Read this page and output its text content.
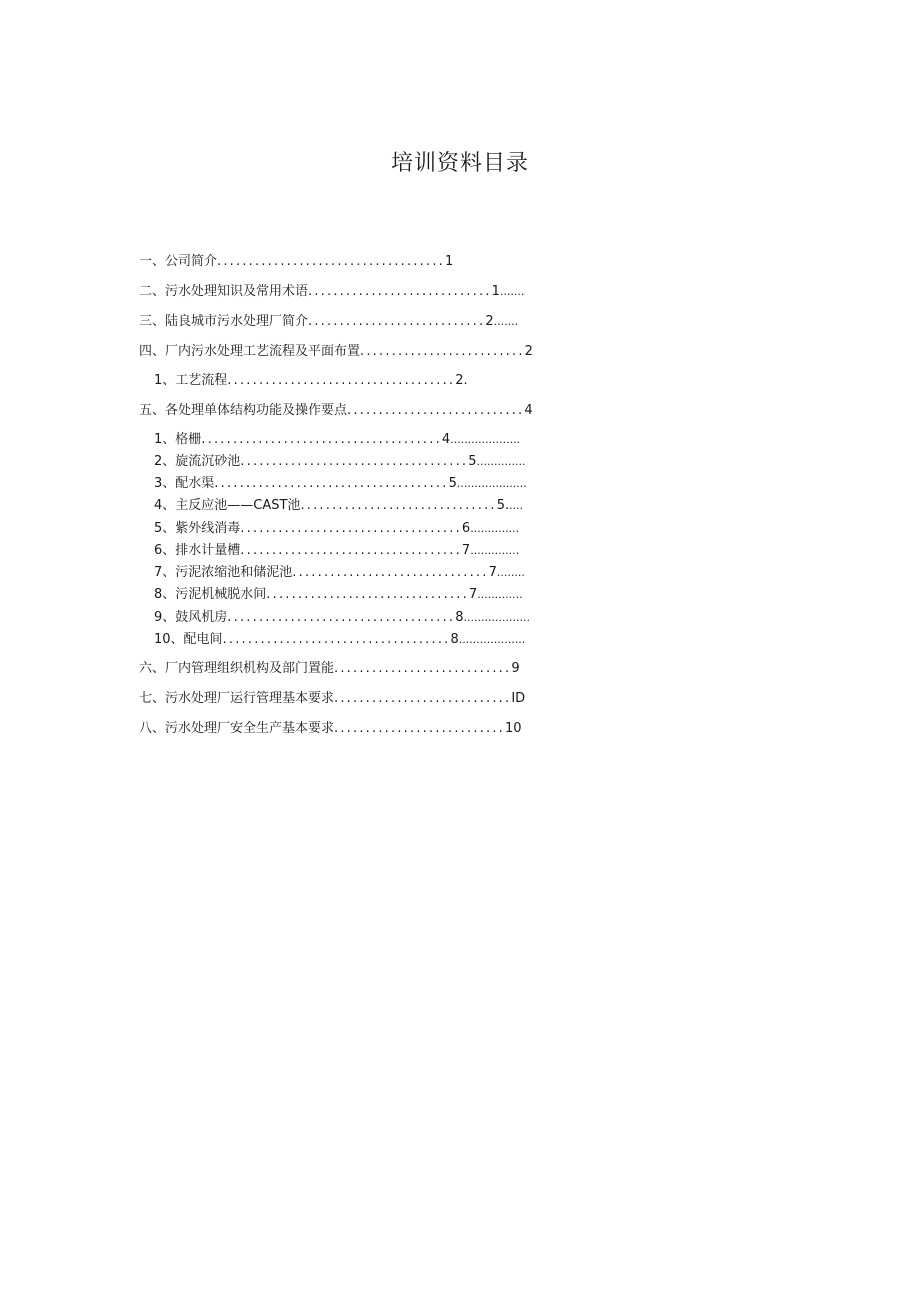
培训资料目录
一、公司简介....................................1
二、污水处理知识及常用术语.............................1.......
三、陆良城市污水处理厂简介............................2.......
四、厂内污水处理工艺流程及平面布置..........................2
1、工艺流程....................................2.
五、各处理单体结构功能及操作要点............................4
1、格栅......................................4....................
2、旋流沉砂池....................................5..............
3、配水渠.....................................5....................
4、主反应池——CAST池...............................5.....
5、紫外线消毒...................................6..............
6、排水计量槽...................................7..............
7、污泥浓缩池和储泥池...............................7........
8、污泥机械脱水间................................7.............
9、鼓风机房....................................8...................
10、配电间....................................8...................
六、厂内管理组织机构及部门置能............................9
七、污水处理厂运行管理基本要求............................ID
八、污水处理厂安全生产基本要求...........................10
